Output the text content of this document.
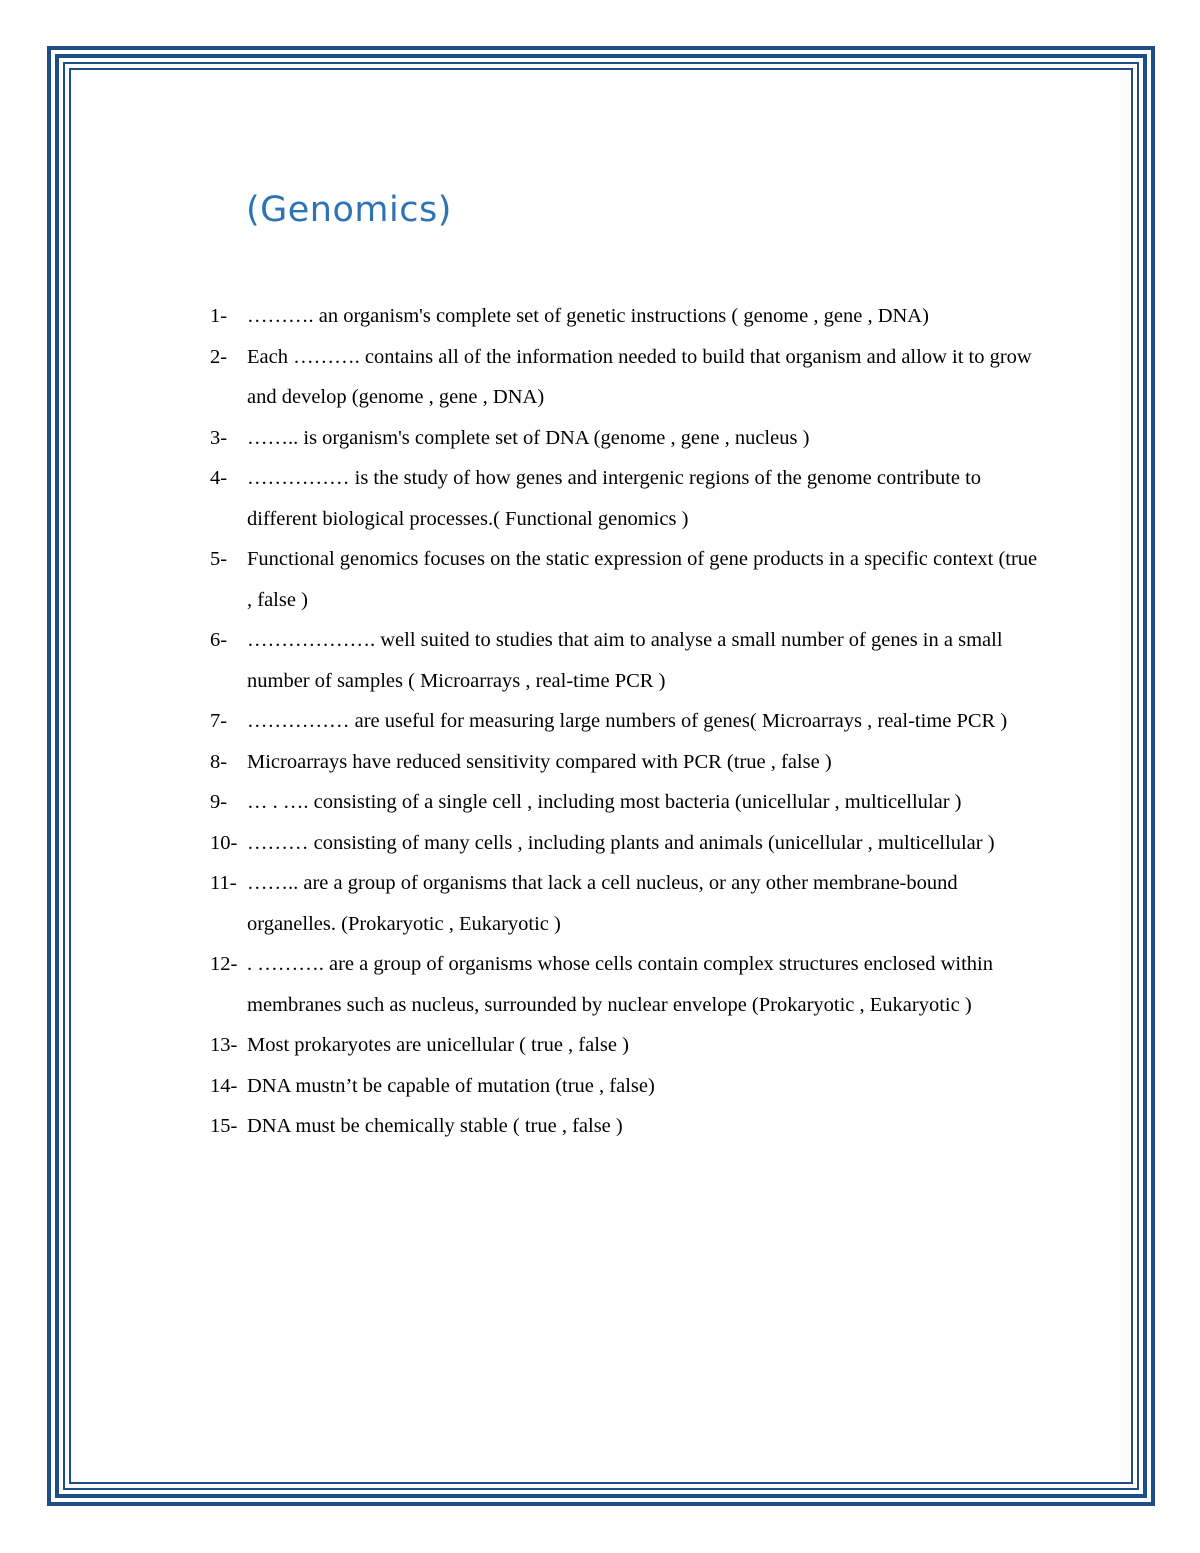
(Genomics)
1- ………. an organism's complete set of genetic instructions ( genome , gene , DNA)
2- Each ………. contains all of the information needed to build that organism and allow it to grow and develop (genome , gene , DNA)
3- …….. is organism's complete set of DNA (genome , gene , nucleus )
4- …………… is the study of how genes and intergenic regions of the genome contribute to different biological processes.( Functional genomics )
5- Functional genomics focuses on the static expression of gene products in a specific context (true , false )
6- ………………. well suited to studies that aim to analyse a small number of genes in a small number of samples ( Microarrays , real-time PCR )
7- …………… are useful for measuring large numbers of genes( Microarrays , real-time PCR )
8- Microarrays have reduced sensitivity compared with PCR (true , false )
9- … . …. consisting of a single cell , including most bacteria (unicellular , multicellular )
10- ……… consisting of many cells , including plants and animals (unicellular , multicellular )
11- …….. are a group of organisms that lack a cell nucleus, or any other membrane-bound organelles. (Prokaryotic , Eukaryotic )
12- . ………. are a group of organisms whose cells contain complex structures enclosed within membranes such as nucleus, surrounded by nuclear envelope (Prokaryotic , Eukaryotic )
13- Most prokaryotes are unicellular ( true , false )
14- DNA mustn’t be capable of mutation (true , false)
15- DNA must be chemically stable ( true , false )
